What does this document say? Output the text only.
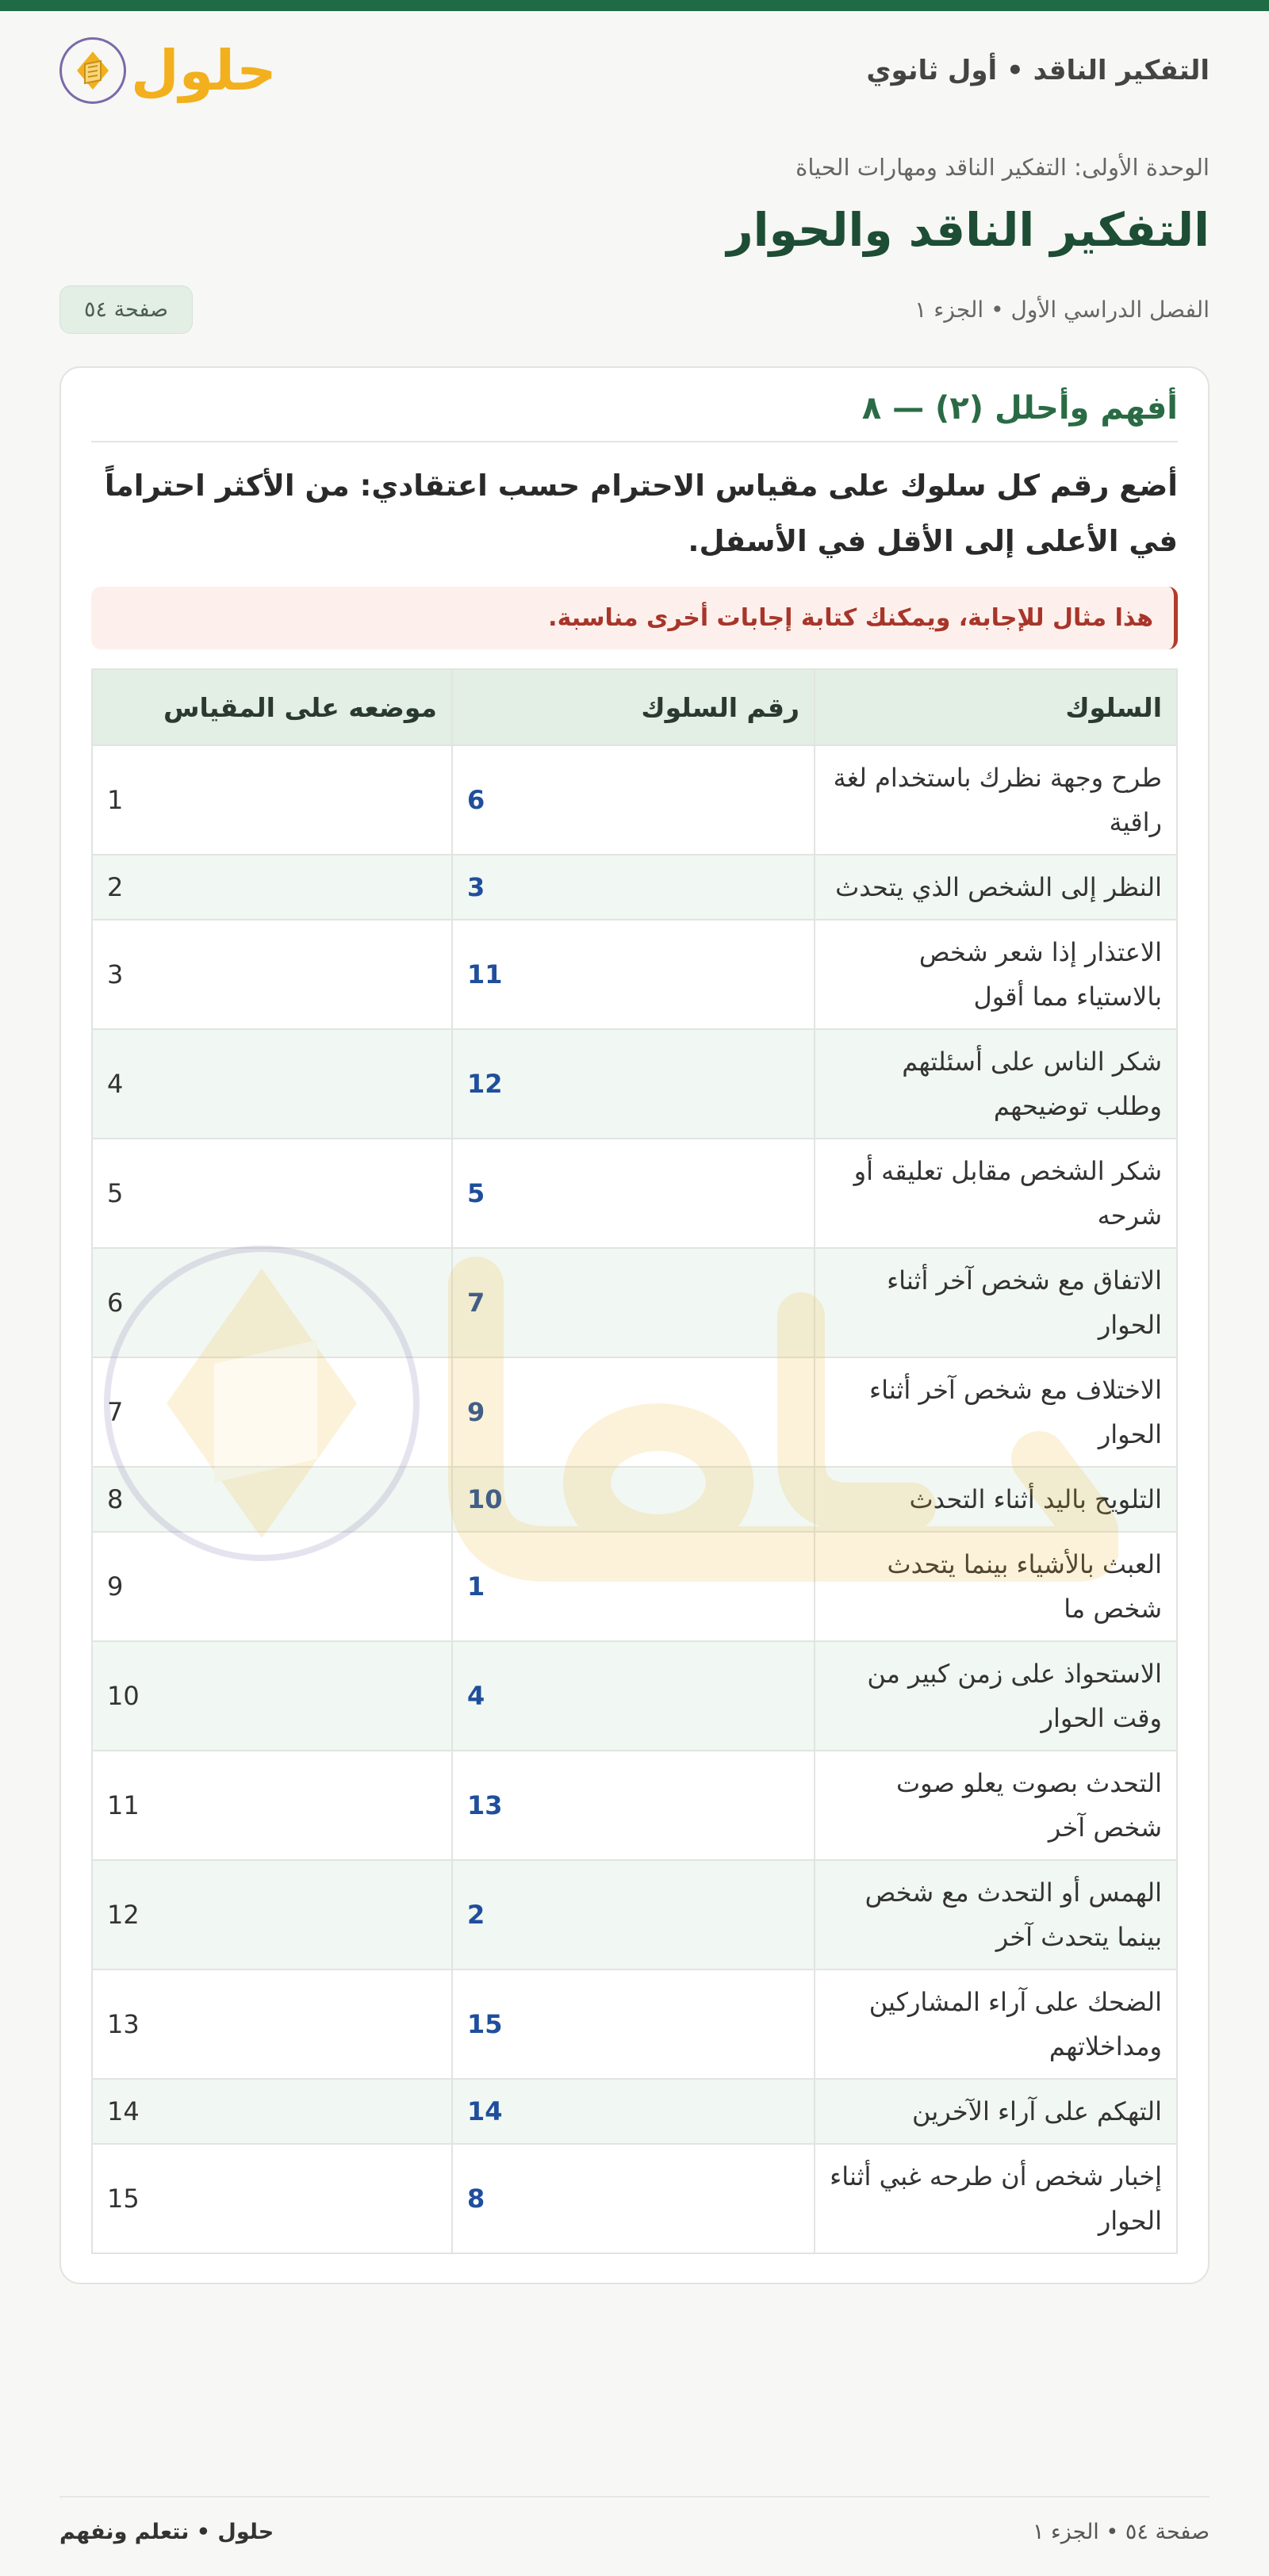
التفكير الناقد • أول ثانوي
حلول
الوحدة الأولى: التفكير الناقد ومهارات الحياة
التفكير الناقد والحوار
الفصل الدراسي الأول • الجزء ١
صفحة ٥٤
أفهم وأحلل (٢) — ٨

أضع رقم كل سلوك على مقياس الاحترام حسب اعتقادي: من الأكثر احتراماً في الأعلى إلى الأقل في الأسفل.

هذا مثال للإجابة، ويمكنك كتابة إجابات أخرى مناسبة.
السلوك	رقم السلوك	موضعه على المقياس
طرح وجهة نظرك باستخدام لغة راقية	6	1
النظر إلى الشخص الذي يتحدث	3	2
الاعتذار إذا شعر شخص بالاستياء مما أقول	11	3
شكر الناس على أسئلتهم وطلب توضيحهم	12	4
شكر الشخص مقابل تعليقه أو شرحه	5	5
الاتفاق مع شخص آخر أثناء الحوار	7	6
الاختلاف مع شخص آخر أثناء الحوار	9	7
التلويح باليد أثناء التحدث	10	8
العبث بالأشياء بينما يتحدث شخص ما	1	9
الاستحواذ على زمن كبير من وقت الحوار	4	10
التحدث بصوت يعلو صوت شخص آخر	13	11
الهمس أو التحدث مع شخص بينما يتحدث آخر	2	12
الضحك على آراء المشاركين ومداخلاتهم	15	13
التهكم على آراء الآخرين	14	14
إخبار شخص أن طرحه غبي أثناء الحوار	8	15
صفحة ٥٤ • الجزء ١
حلول • نتعلم ونفهم
